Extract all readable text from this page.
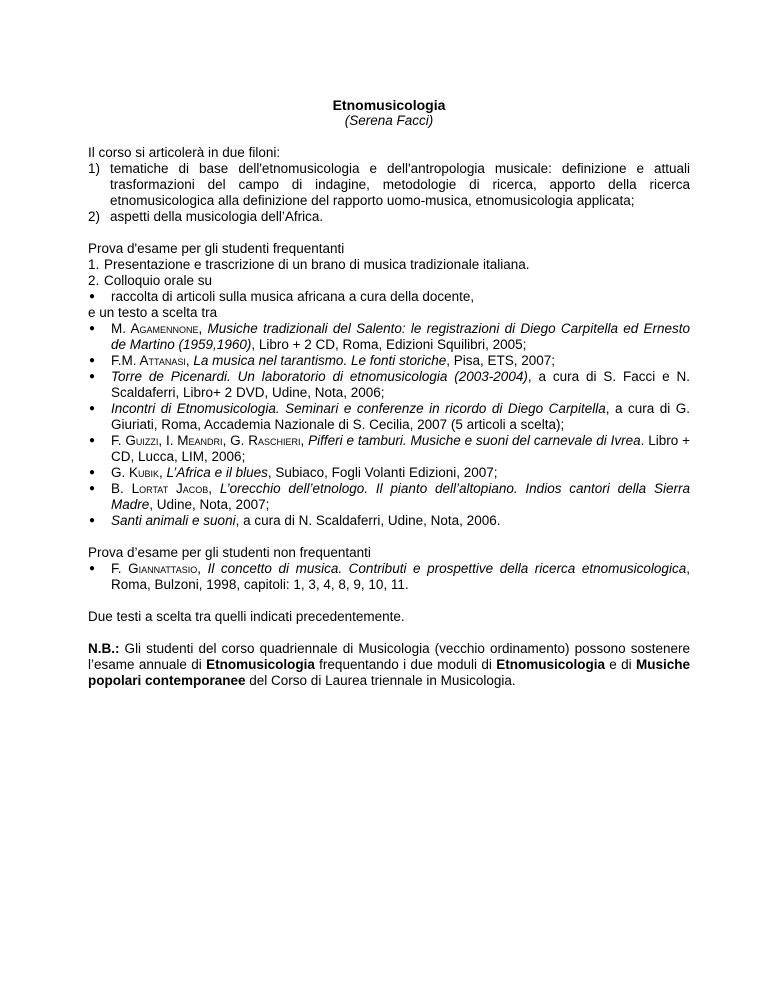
Etnomusicologia

(Serena Facci)

Il corso si articolerà in due filoni:

1) tematiche di base dell'etnomusicologia e dell'antropologia musicale: definizione e attuali trasformazioni del campo di indagine, metodologie di ricerca, apporto della ricerca etnomusicologica alla definizione del rapporto uomo-musica, etnomusicologia applicata;
2) aspetti della musicologia dell’Africa.

Prova d'esame per gli studenti frequentanti

1. Presentazione e trascrizione di un brano di musica tradizionale italiana.
2. Colloquio orale su
●	raccolta di articoli sulla musica africana a cura della docente,

e un testo a scelta tra

●	M. Agamennone, Musiche tradizionali del Salento: le registrazioni di Diego Carpitella ed Ernesto de Martino (1959,1960), Libro + 2 CD, Roma, Edizioni Squilibri, 2005;
●	F.M. Attanasi, La musica nel tarantismo. Le fonti storiche, Pisa, ETS, 2007;
●	Torre de Picenardi. Un laboratorio di etnomusicologia (2003-2004), a cura di S. Facci e N. Scaldaferri, Libro+ 2 DVD, Udine, Nota, 2006;
●	Incontri di Etnomusicologia. Seminari e conferenze in ricordo di Diego Carpitella, a cura di G. Giuriati, Roma, Accademia Nazionale di S. Cecilia, 2007 (5 articoli a scelta);
●	F. Guizzi, I. Meandri, G. Raschieri, Pifferi e tamburi. Musiche e suoni del carnevale di Ivrea. Libro + CD, Lucca, LIM, 2006;
●	G. Kubik, L’Africa e il blues, Subiaco, Fogli Volanti Edizioni, 2007;
●	B. Lortat Jacob, L’orecchio dell’etnologo. Il pianto dell’altopiano. Indios cantori della Sierra Madre, Udine, Nota, 2007;
●	Santi animali e suoni, a cura di N. Scaldaferri, Udine, Nota, 2006.

Prova d’esame per gli studenti non frequentanti

●	F. Giannattasio, Il concetto di musica. Contributi e prospettive della ricerca etnomusicologica, Roma, Bulzoni, 1998, capitoli: 1, 3, 4, 8, 9, 10, 11.

Due testi a scelta tra quelli indicati precedentemente.

N.B.: Gli studenti del corso quadriennale di Musicologia (vecchio ordinamento) possono sostenere l’esame annuale di Etnomusicologia frequentando i due moduli di Etnomusicologia e di Musiche popolari contemporanee del Corso di Laurea triennale in Musicologia.
